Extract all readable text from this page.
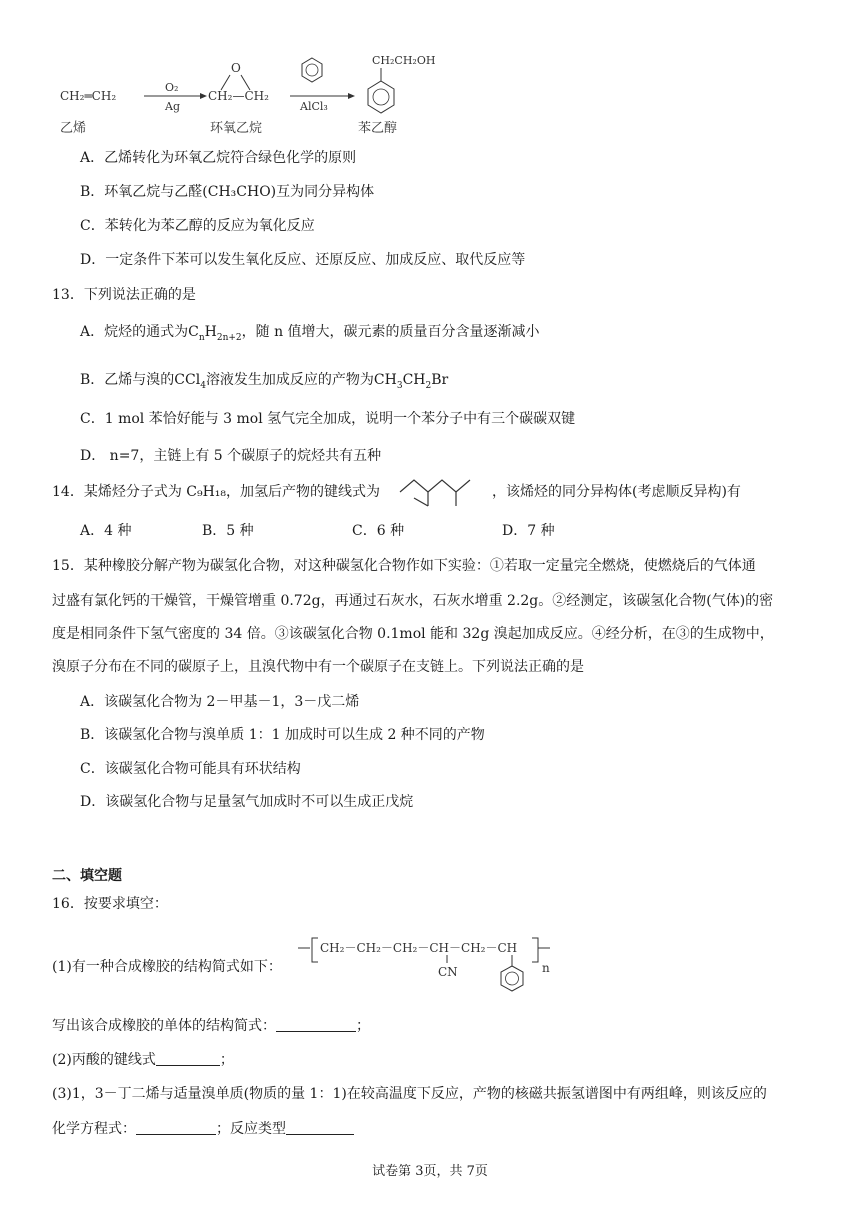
CH₂═CH₂
O₂
Ag
O
CH₂—CH₂
AlCl₃
CH₂CH₂OH
乙烯	环氧乙烷	苯乙醇
A．乙烯转化为环氧乙烷符合绿色化学的原则
B．环氧乙烷与乙醛(CH₃CHO)互为同分异构体
C．苯转化为苯乙醇的反应为氧化反应
D．一定条件下苯可以发生氧化反应、还原反应、加成反应、取代反应等
13．下列说法正确的是
A．烷烃的通式为$C_nH_{2n+2}$，随 n 值增大，碳元素的质量百分含量逐渐减小
B．乙烯与溴的CCl$_4$溶液发生加成反应的产物为$CH_3CH_2Br$
C．1 mol 苯恰好能与 3 mol 氢气完全加成，说明一个苯分子中有三个碳碳双键
D． n=7，主链上有 5 个碳原子的烷烃共有五种
14．某烯烃分子式为 C₉H₁₈，加氢后产物的键线式为	，该烯烃的同分异构体(考虑顺反异构)有
A．4 种	B．5 种	C．6 种	D．7 种
15．某种橡胶分解产物为碳氢化合物，对这种碳氢化合物作如下实验：①若取一定量完全燃烧，使燃烧后的气体通
过盛有氯化钙的干燥管，干燥管增重 0.72g，再通过石灰水，石灰水增重 2.2g。②经测定，该碳氢化合物(气体)的密
度是相同条件下氢气密度的 34 倍。③该碳氢化合物 0.1mol 能和 32g 溴起加成反应。④经分析，在③的生成物中，
溴原子分布在不同的碳原子上，且溴代物中有一个碳原子在支链上。下列说法正确的是
A．该碳氢化合物为 2－甲基－1，3－戊二烯
B．该碳氢化合物与溴单质 1：1 加成时可以生成 2 种不同的产物
C．该碳氢化合物可能具有环状结构
D．该碳氢化合物与足量氢气加成时不可以生成正戊烷
二、填空题
16．按要求填空：
(1)有一种合成橡胶的结构简式如下：
CH₂－CH₂－CH₂－CH－CH₂－CH
n
CN
写出该合成橡胶的单体的结构简式：	；
(2)丙酸的键线式	；
(3)1，3－丁二烯与适量溴单质(物质的量 1：1)在较高温度下反应，产物的核磁共振氢谱图中有两组峰，则该反应的
化学方程式：	；反应类型
试卷第 3页，共 7页
